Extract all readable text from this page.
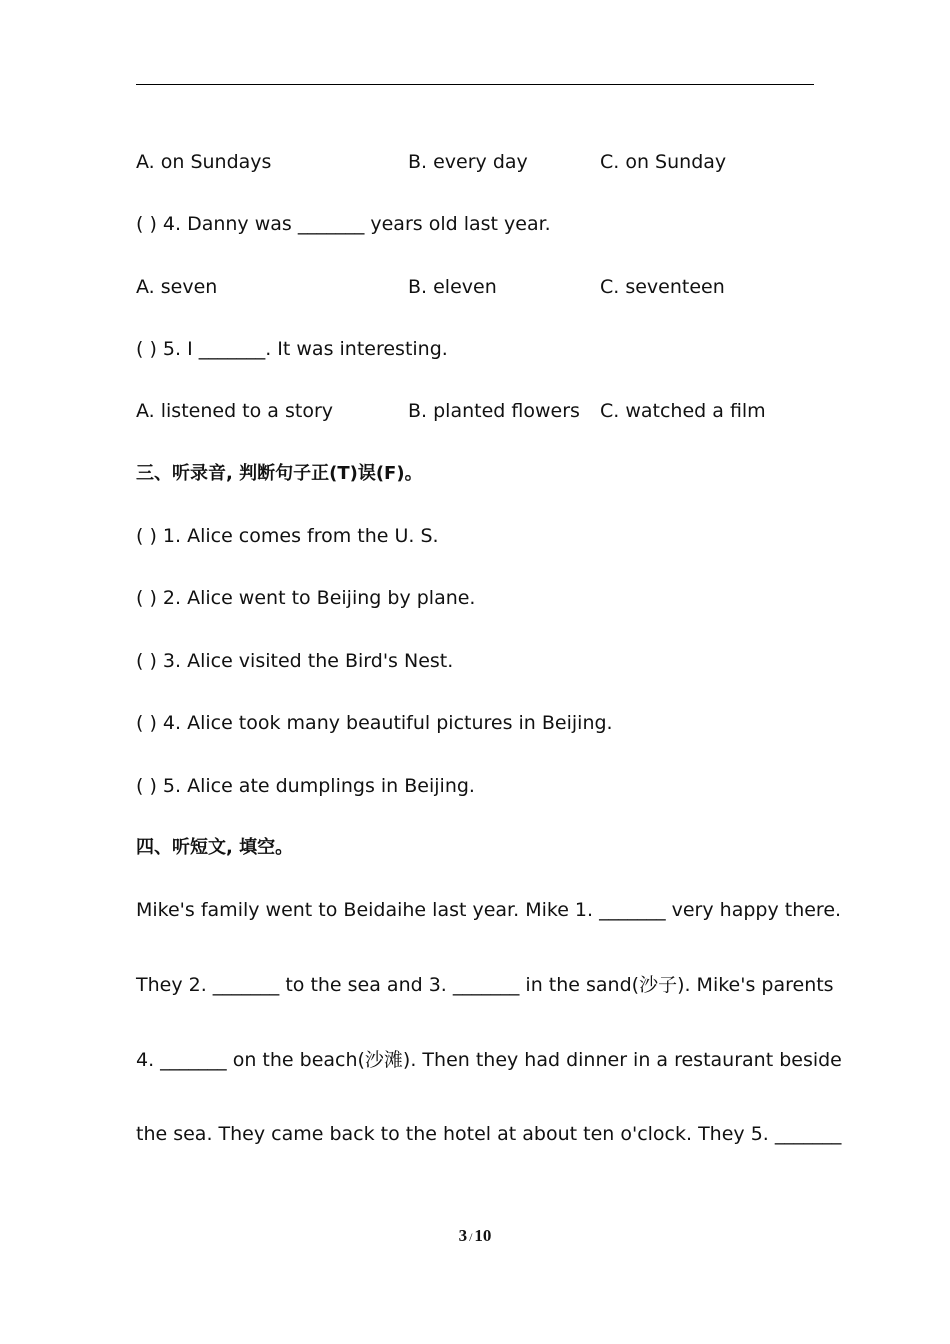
A. on Sundays	B. every day	C. on Sunday
( ) 4. Danny was _______ years old last year.
A. seven	B. eleven	C. seventeen
( ) 5. I _______. It was interesting.
A. listened to a story	B. planted flowers C. watched a film
三、听录音, 判断句子正(T)误(F)。
( ) 1. Alice comes from the U. S.
( ) 2. Alice went to Beijing by plane.
( ) 3. Alice visited the Bird's Nest.
( ) 4. Alice took many beautiful pictures in Beijing.
( ) 5. Alice ate dumplings in Beijing.
四、听短文, 填空。
Mike's family went to Beidaihe last year. Mike 1. _______ very happy there.
They 2. _______ to the sea and 3. _______ in the sand(沙子). Mike's parents
4. _______ on the beach(沙滩). Then they had dinner in a restaurant beside
the sea. They came back to the hotel at about ten o'clock. They 5. _______
3 / 10
